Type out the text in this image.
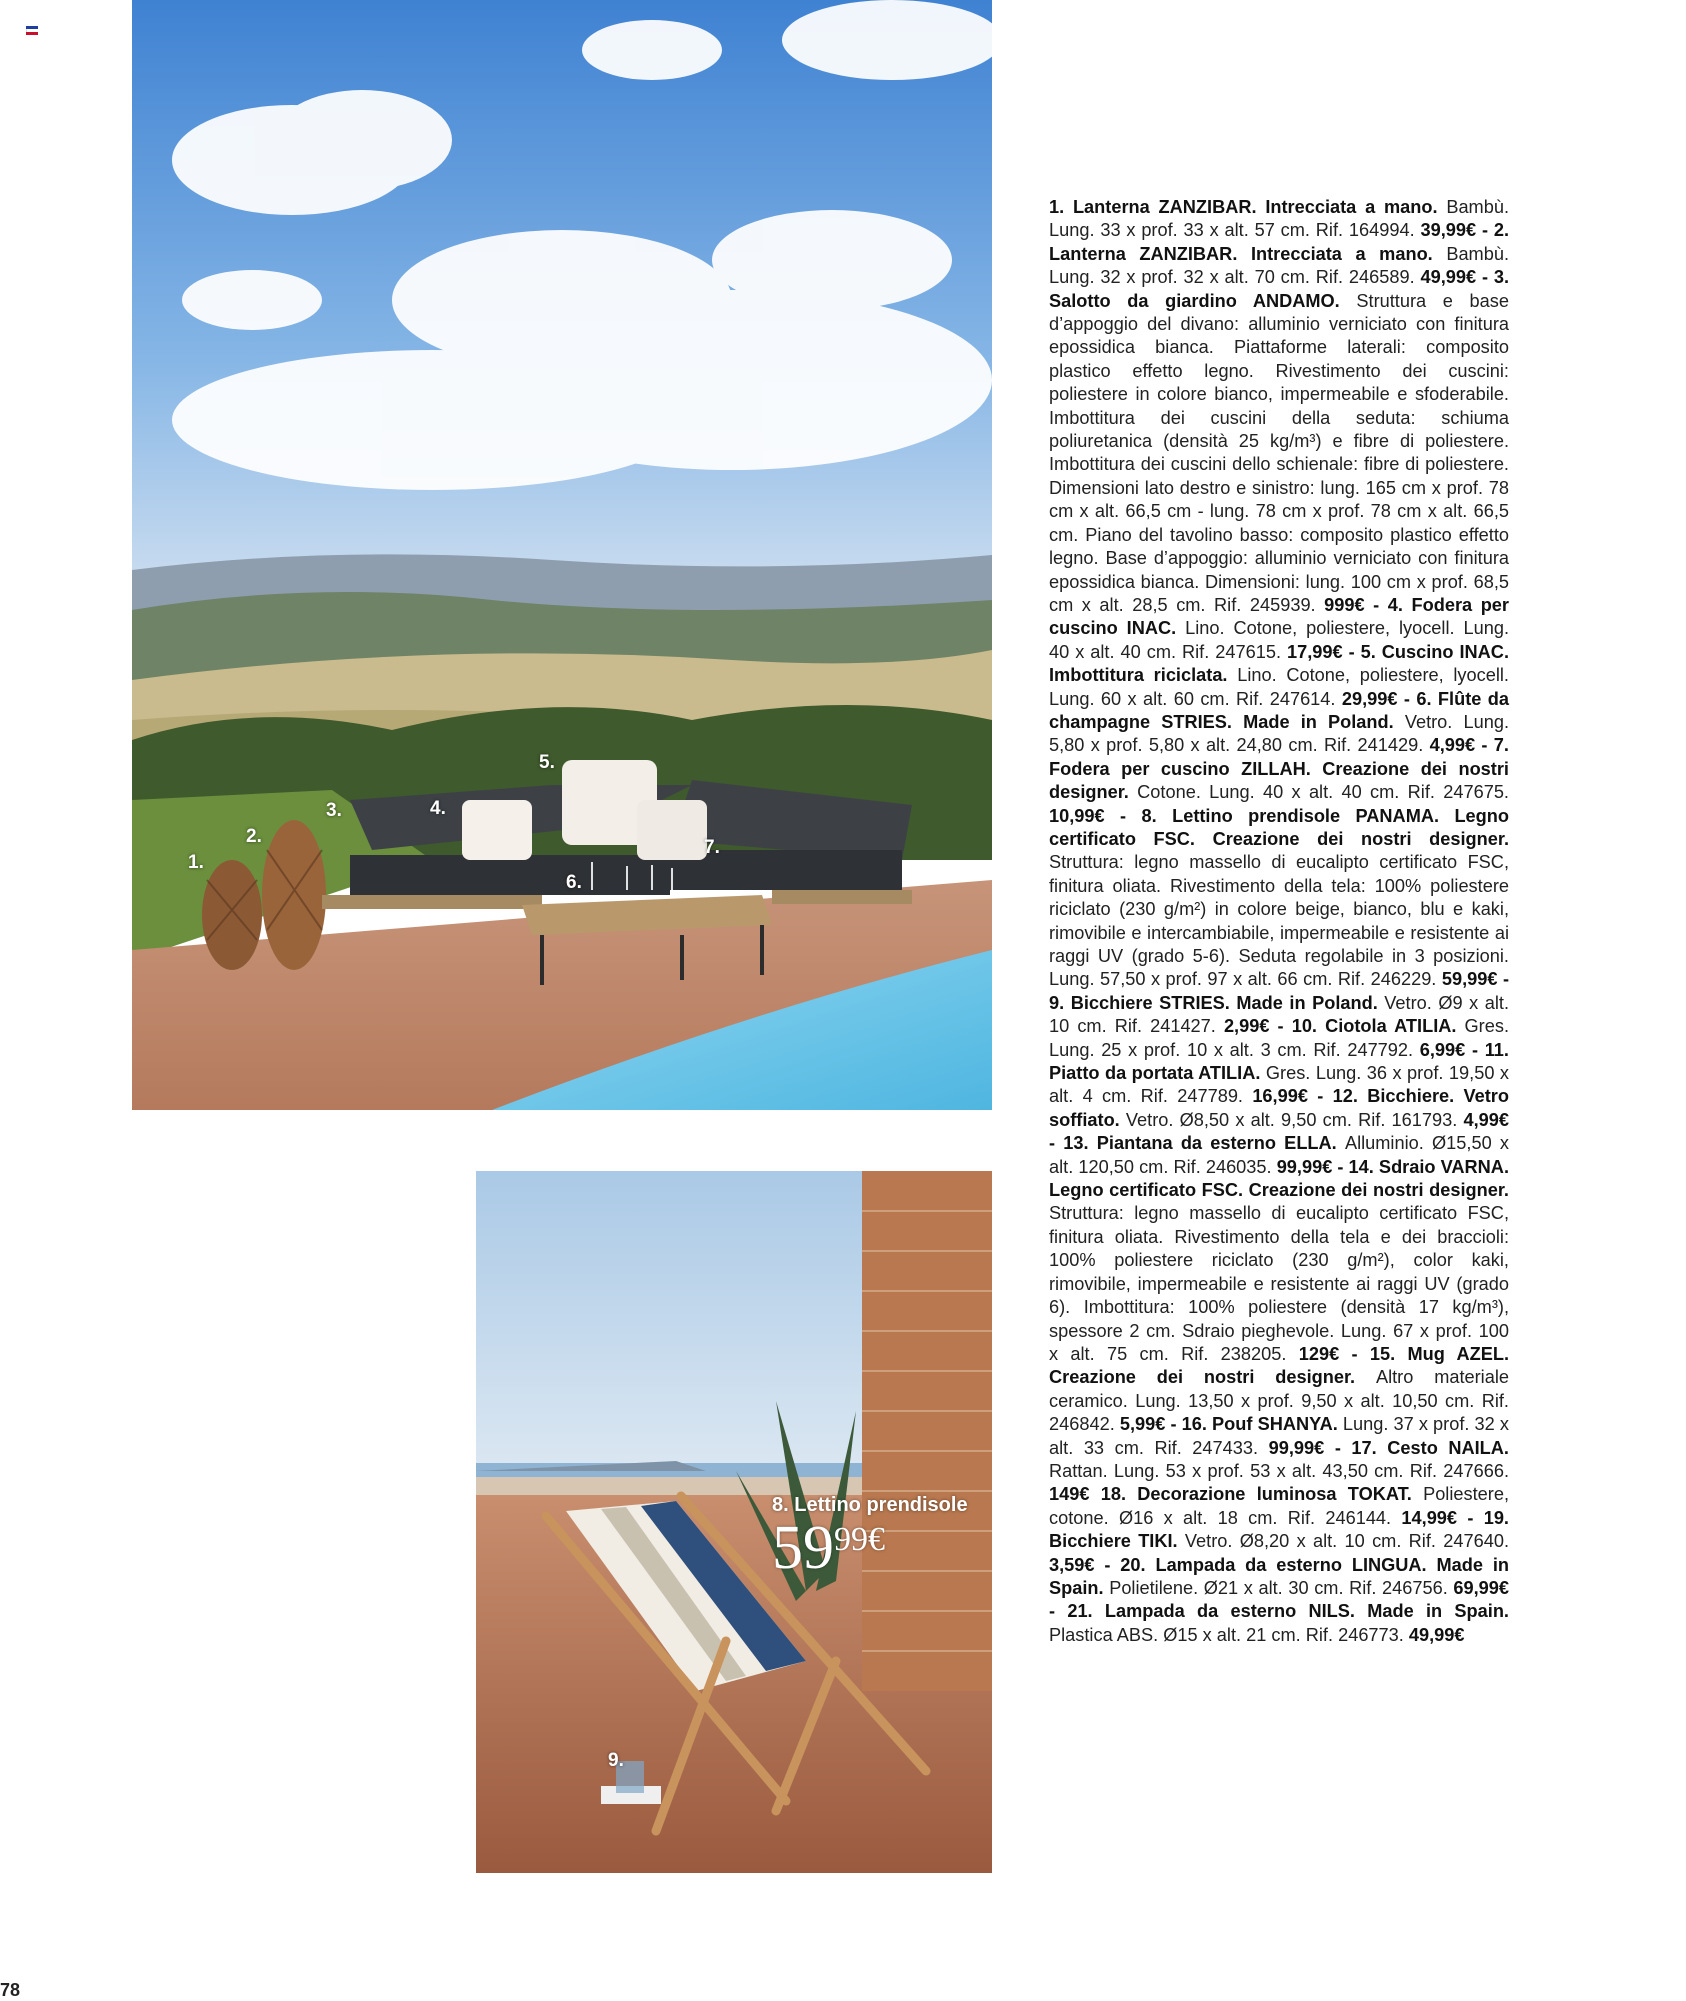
1.
2.
3.	4.
5.
6.
7.
9.
8. Lettino prendisole
$59^{99€}$

1. Lanterna ZANZIBAR. Intrecciata a mano. Bambù. Lung. 33 x prof. 33 x alt. 57 cm. Rif. 164994. 39,99€ - 2. Lanterna ZANZIBAR. Intrecciata a mano. Bambù. Lung. 32 x prof. 32 x alt. 70 cm. Rif. 246589. 49,99€ - 3. Salotto da giardino ANDAMO. Struttura e base d’appoggio del divano: alluminio verniciato con finitura epossidica bianca. Piattaforme laterali: composito plastico effetto legno. Rivestimento dei cuscini: poliestere in colore bianco, impermeabile e sfoderabile. Imbottitura dei cuscini della seduta: schiuma poliuretanica (densità 25 kg/m³) e fibre di poliestere. Imbottitura dei cuscini dello schienale: fibre di poliestere. Dimensioni lato destro e sinistro: lung. 165 cm x prof. 78 cm x alt. 66,5 cm - lung. 78 cm x prof. 78 cm x alt. 66,5 cm. Piano del tavolino basso: composito plastico effetto legno. Base d’appoggio: alluminio verniciato con finitura epossidica bianca. Dimensioni: lung. 100 cm x prof. 68,5 cm x alt. 28,5 cm. Rif. 245939. 999€ - 4. Fodera per cuscino INAC. Lino. Cotone, poliestere, lyocell. Lung. 40 x alt. 40 cm. Rif. 247615. 17,99€ - 5. Cuscino INAC. Imbottitura riciclata. Lino. Cotone, poliestere, lyocell. Lung. 60 x alt. 60 cm. Rif. 247614. 29,99€ - 6. Flûte da champagne STRIES. Made in Poland. Vetro. Lung. 5,80 x prof. 5,80 x alt. 24,80 cm. Rif. 241429. 4,99€ - 7. Fodera per cuscino ZILLAH. Creazione dei nostri designer. Cotone. Lung. 40 x alt. 40 cm. Rif. 247675. 10,99€ - 8. Lettino prendisole PANAMA. Legno certificato FSC. Creazione dei nostri designer. Struttura: legno massello di eucalipto certificato FSC, finitura oliata. Rivestimento della tela: 100% poliestere riciclato (230 g/m²) in colore beige, bianco, blu e kaki, rimovibile e intercambiabile, impermeabile e resistente ai raggi UV (grado 5-6). Seduta regolabile in 3 posizioni. Lung. 57,50 x prof. 97 x alt. 66 cm. Rif. 246229. 59,99€ - 9. Bicchiere STRIES. Made in Poland. Vetro. Ø9 x alt. 10 cm. Rif. 241427. 2,99€ - 10. Ciotola ATILIA. Gres. Lung. 25 x prof. 10 x alt. 3 cm. Rif. 247792. 6,99€ - 11. Piatto da portata ATILIA. Gres. Lung. 36 x prof. 19,50 x alt. 4 cm. Rif. 247789. 16,99€ - 12. Bicchiere. Vetro soffiato. Vetro. Ø8,50 x alt. 9,50 cm. Rif. 161793. 4,99€ - 13. Piantana da esterno ELLA. Alluminio. Ø15,50 x alt. 120,50 cm. Rif. 246035. 99,99€ - 14. Sdraio VARNA. Legno certificato FSC. Creazione dei nostri designer. Struttura: legno massello di eucalipto certificato FSC, finitura oliata. Rivestimento della tela e dei braccioli: 100% poliestere riciclato (230 g/m²), color kaki, rimovibile, impermeabile e resistente ai raggi UV (grado 6). Imbottitura: 100% poliestere (densità 17 kg/m³), spessore 2 cm. Sdraio pieghevole. Lung. 67 x prof. 100 x alt. 75 cm. Rif. 238205. 129€ - 15. Mug AZEL. Creazione dei nostri designer. Altro materiale ceramico. Lung. 13,50 x prof. 9,50 x alt. 10,50 cm. Rif. 246842. 5,99€ - 16. Pouf SHANYA. Lung. 37 x prof. 32 x alt. 33 cm. Rif. 247433. 99,99€ - 17. Cesto NAILA. Rattan. Lung. 53 x prof. 53 x alt. 43,50 cm. Rif. 247666. 149€ 18. Decorazione luminosa TOKAT. Poliestere, cotone. Ø16 x alt. 18 cm. Rif. 246144. 14,99€ - 19. Bicchiere TIKI. Vetro. Ø8,20 x alt. 10 cm. Rif. 247640. 3,59€ - 20. Lampada da esterno LINGUA. Made in Spain. Polietilene. Ø21 x alt. 30 cm. Rif. 246756. 69,99€ - 21. Lampada da esterno NILS. Made in Spain. Plastica ABS. Ø15 x alt. 21 cm. Rif. 246773. 49,99€

78
